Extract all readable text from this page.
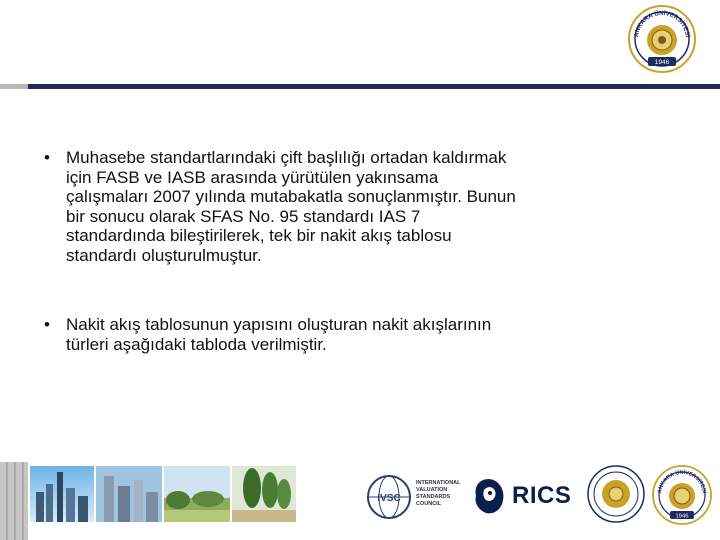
ANKARA ÜNİVERSİTESİ
1946
• Muhasebe standartlarındaki çift başlılığı ortadan kaldırmak
için FASB ve IASB arasında yürütülen yakınsama
çalışmaları 2007 yılında mutabakatla sonuçlanmıştır. Bunun
bir sonucu olarak SFAS No. 95 standardı IAS 7
standardında bileştirilerek, tek bir nakit akış tablosu
standardı oluşturulmuştur.
• Nakit akış tablosunun yapısını oluşturan nakit akışlarının
türleri aşağıdaki tabloda verilmiştir.
IVSC
INTERNATIONAL
VALUATION
STANDARDS
COUNCIL	RICS	ANKARA ÜNİVERSİTESİ
1946
